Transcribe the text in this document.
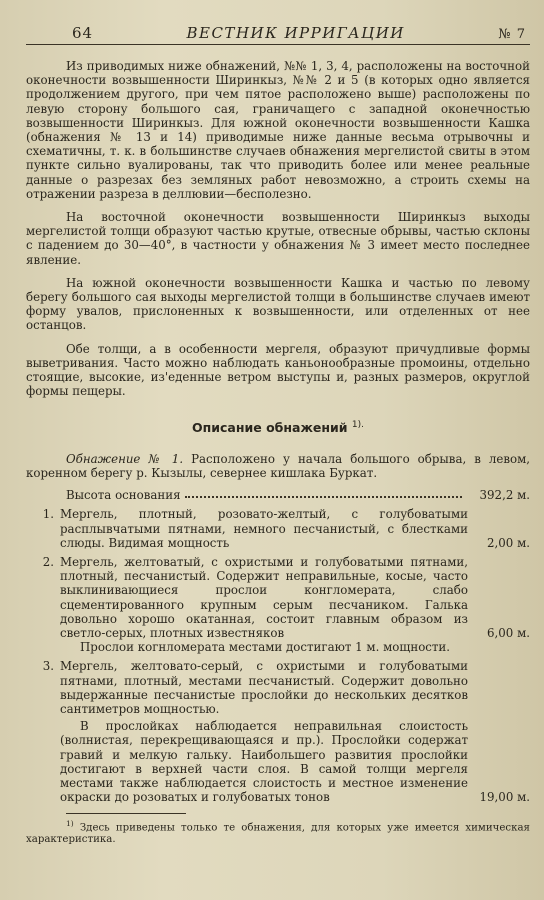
64	ВЕСТНИК ИРРИГАЦИИ	№ 7

Из приводимых ниже обнажений, №№ 1, 3, 4, расположены на восточной оконечности возвышенности Ширинкыз, №№ 2 и 5 (в которых одно является продолжением другого, при чем пятое расположено выше) расположены по левую сторону большого сая, граничащего с западной оконечностью возвышенности Ширинкыз. Для южной оконечности возвышенности Кашка (обнажения № 13 и 14) приводимые ниже данные весьма отрывочны и схематичны, т. к. в большинстве случаев обнажения мергелистой свиты в этом пункте сильно вуалированы, так что приводить более или менее реальные данные о разрезах без земляных работ невозможно, а строить схемы на отражении разреза в деллювии—бесполезно.

На восточной оконечности возвышенности Ширинкыз выходы мергелистой толщи образуют частью крутые, отвесные обрывы, частью склоны с падением до 30—40°, в частности у обнажения № 3 имеет место последнее явление.

На южной оконечности возвышенности Кашка и частью по левому берегу большого сая выходы мергелистой толщи в большинстве случаев имеют форму увалов, прислоненных к возвышенности, или отделенных от нее останцов.

Обе толщи, а в особенности мергеля, образуют причудливые формы выветривания. Часто можно наблюдать каньонообразные промоины, отдельно стоящие, высокие, из'еденные ветром выступы и, разных размеров, округлой формы пещеры.

Описание обнажений $^{1).}$

Обнажение № 1. Расположено у начала большого обрыва, в левом, коренном берегу р. Кызылы, севернее кишлака Буркат.

Высота основания	392,2 м.
1. Мергель, плотный, розовато-желтый, с голубоватыми расплывчатыми пятнами, немного песчанистый, с блестками слюды. Видимая мощность	2,00 м.
2. Мергель, желтоватый, с охристыми и голубоватыми пятнами, плотный, песчанистый. Содержит неправильные, косые, часто выклинивающиеся прослои конгломерата, слабо сцементированного крупным серым песчаником. Галька довольно хорошо окатанная, состоит главным образом из светло-серых, плотных известняков	6,00 м.

Прослои когнломерата местами достигают 1 м. мощности.

3. Мергель, желтовато-серый, с охристыми и голубоватыми пятнами, плотный, местами песчанистый. Содержит довольно выдержанные песчанистые прослойки до нескольких десятков сантиметров мощностью.

В прослойках наблюдается неправильная слоистость (волнистая, перекрещивающаяся и пр.). Прослойки содержат гравий и мелкую гальку. Наибольшего развития прослойки достигают в верхней части слоя. В самой толщи мергеля местами также наблюдается слоистость и местное изменение окраски до розоватых и голубоватых тонов	19,00 м.

$^{1)}$ Здесь приведены только те обнажения, для которых уже имеется химическая характеристика.
